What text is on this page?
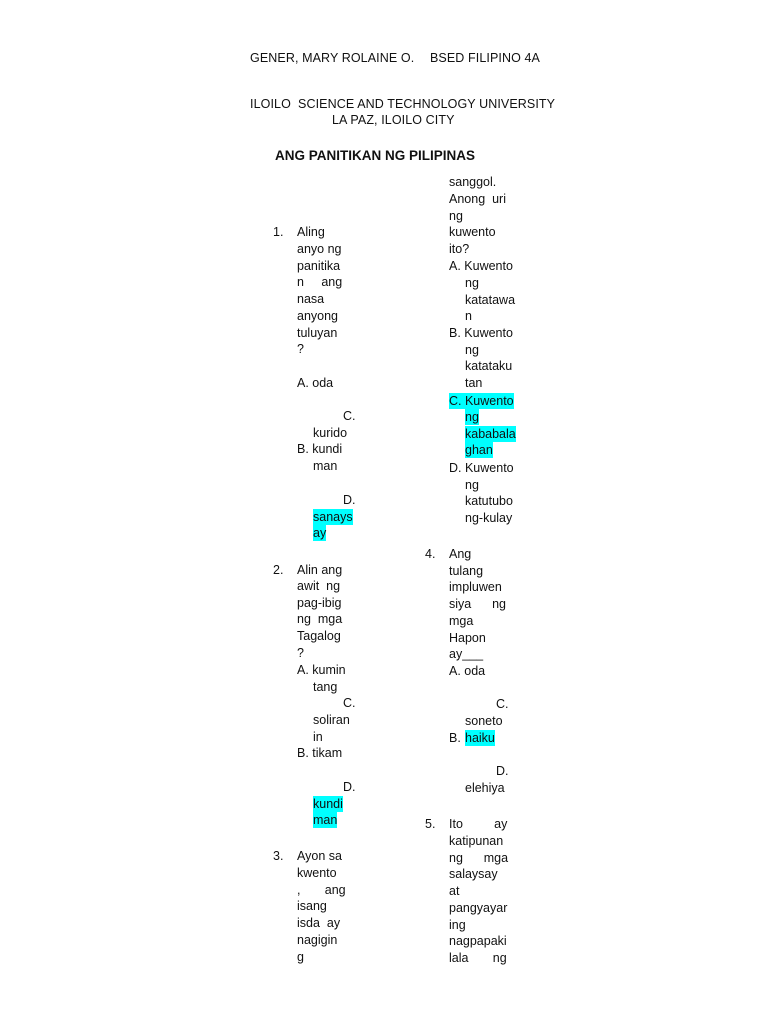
GENER, MARY ROLAINE O. BSED FILIPINO 4A
ILOILO  SCIENCE AND TECHNOLOGY UNIVERSITY
LA PAZ, ILOILO CITY
ANG PANITIKAN NG PILIPINAS
1. Aling
anyo ng
panitika
n     ang
nasa
anyong
tuluyan
?
A. oda
C.
kurido
B. kundi
man
D.
sanays
ay
2. Alin ang
awit  ng
pag-ibig
ng  mga
Tagalog
?
A. kumin
tang
C.
soliran
in
B. tikam
D.
kundi
man
3. Ayon sa
kwento
,       ang
isang
isda  ay
nagigin
g
sanggol.
Anong  uri
ng
kuwento
ito?
A. Kuwento
ng
katatawa
n
B. Kuwento
ng
katataku
tan
C. Kuwento
ng
kababala
ghan
D. Kuwento
ng
katutubo
ng-kulay
4. Ang
tulang
impluwen
siya      ng
mga
Hapon
ay___
A. oda
C.
soneto
B. haiku
D.
elehiya
5. Ito         ay
katipunan
ng      mga
salaysay
at
pangyayar
ing
nagpapaki
lala       ng
